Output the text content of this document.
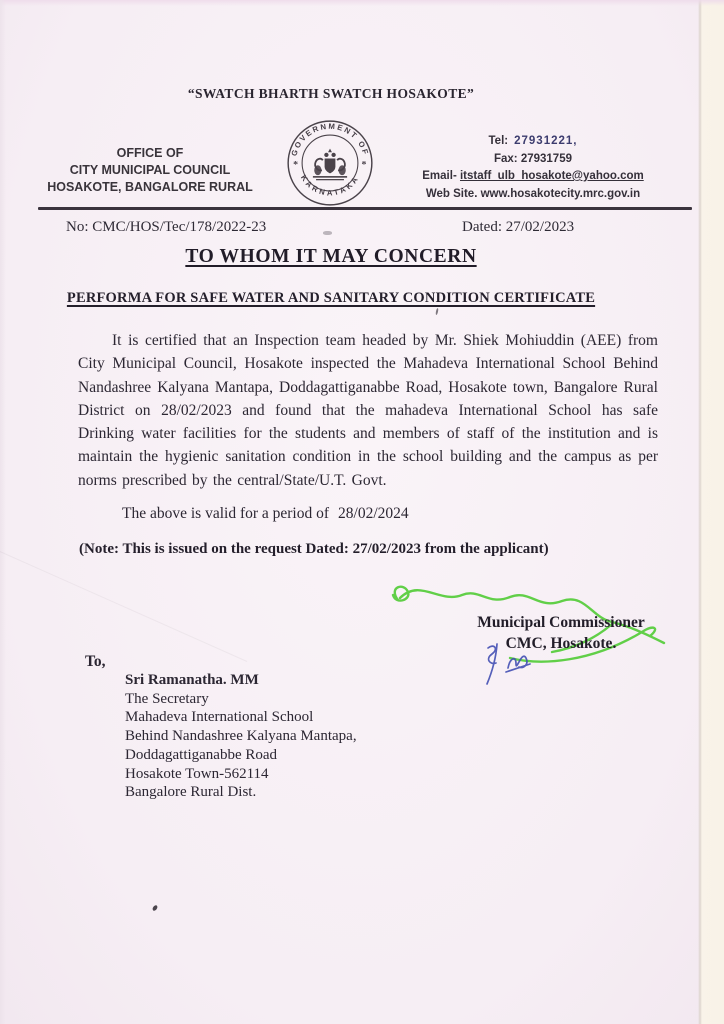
“SWATCH BHARTH SWATCH HOSAKOTE”
OFFICE OF
CITY MUNICIPAL COUNCIL
HOSAKOTE, BANGALORE RURAL
GOVERNMENT OF
KARNATAKA
*	*
Tel: 27931221,
Fax: 27931759
Email- itstaff_ulb_hosakote@yahoo.com
Web Site. www.hosakotecity.mrc.gov.in
No: CMC/HOS/Tec/178/2022-23	Dated: 27/02/2023
TO WHOM IT MAY CONCERN
PERFORMA FOR SAFE WATER AND SANITARY CONDITION CERTIFICATE
It is certified that an Inspection team headed by Mr. Shiek Mohiuddin (AEE) from City Municipal Council, Hosakote inspected the Mahadeva International School Behind Nandashree Kalyana Mantapa, Doddagattiganabbe Road, Hosakote town, Bangalore Rural District on 28/02/2023 and found that the mahadeva International School has safe Drinking water facilities for the students and members of staff of the institution and is maintain the hygienic sanitation condition in the school building and the campus as per norms prescribed by the central/State/U.T. Govt.
The above is valid for a period of 28/02/2024
(Note: This is issued on the request Dated: 27/02/2023 from the applicant)
Municipal Commissioner
CMC, Hosakote.
To,
Sri Ramanatha. MM
The Secretary
Mahadeva International School
Behind Nandashree Kalyana Mantapa,
Doddagattiganabbe Road
Hosakote Town-562114
Bangalore Rural Dist.
